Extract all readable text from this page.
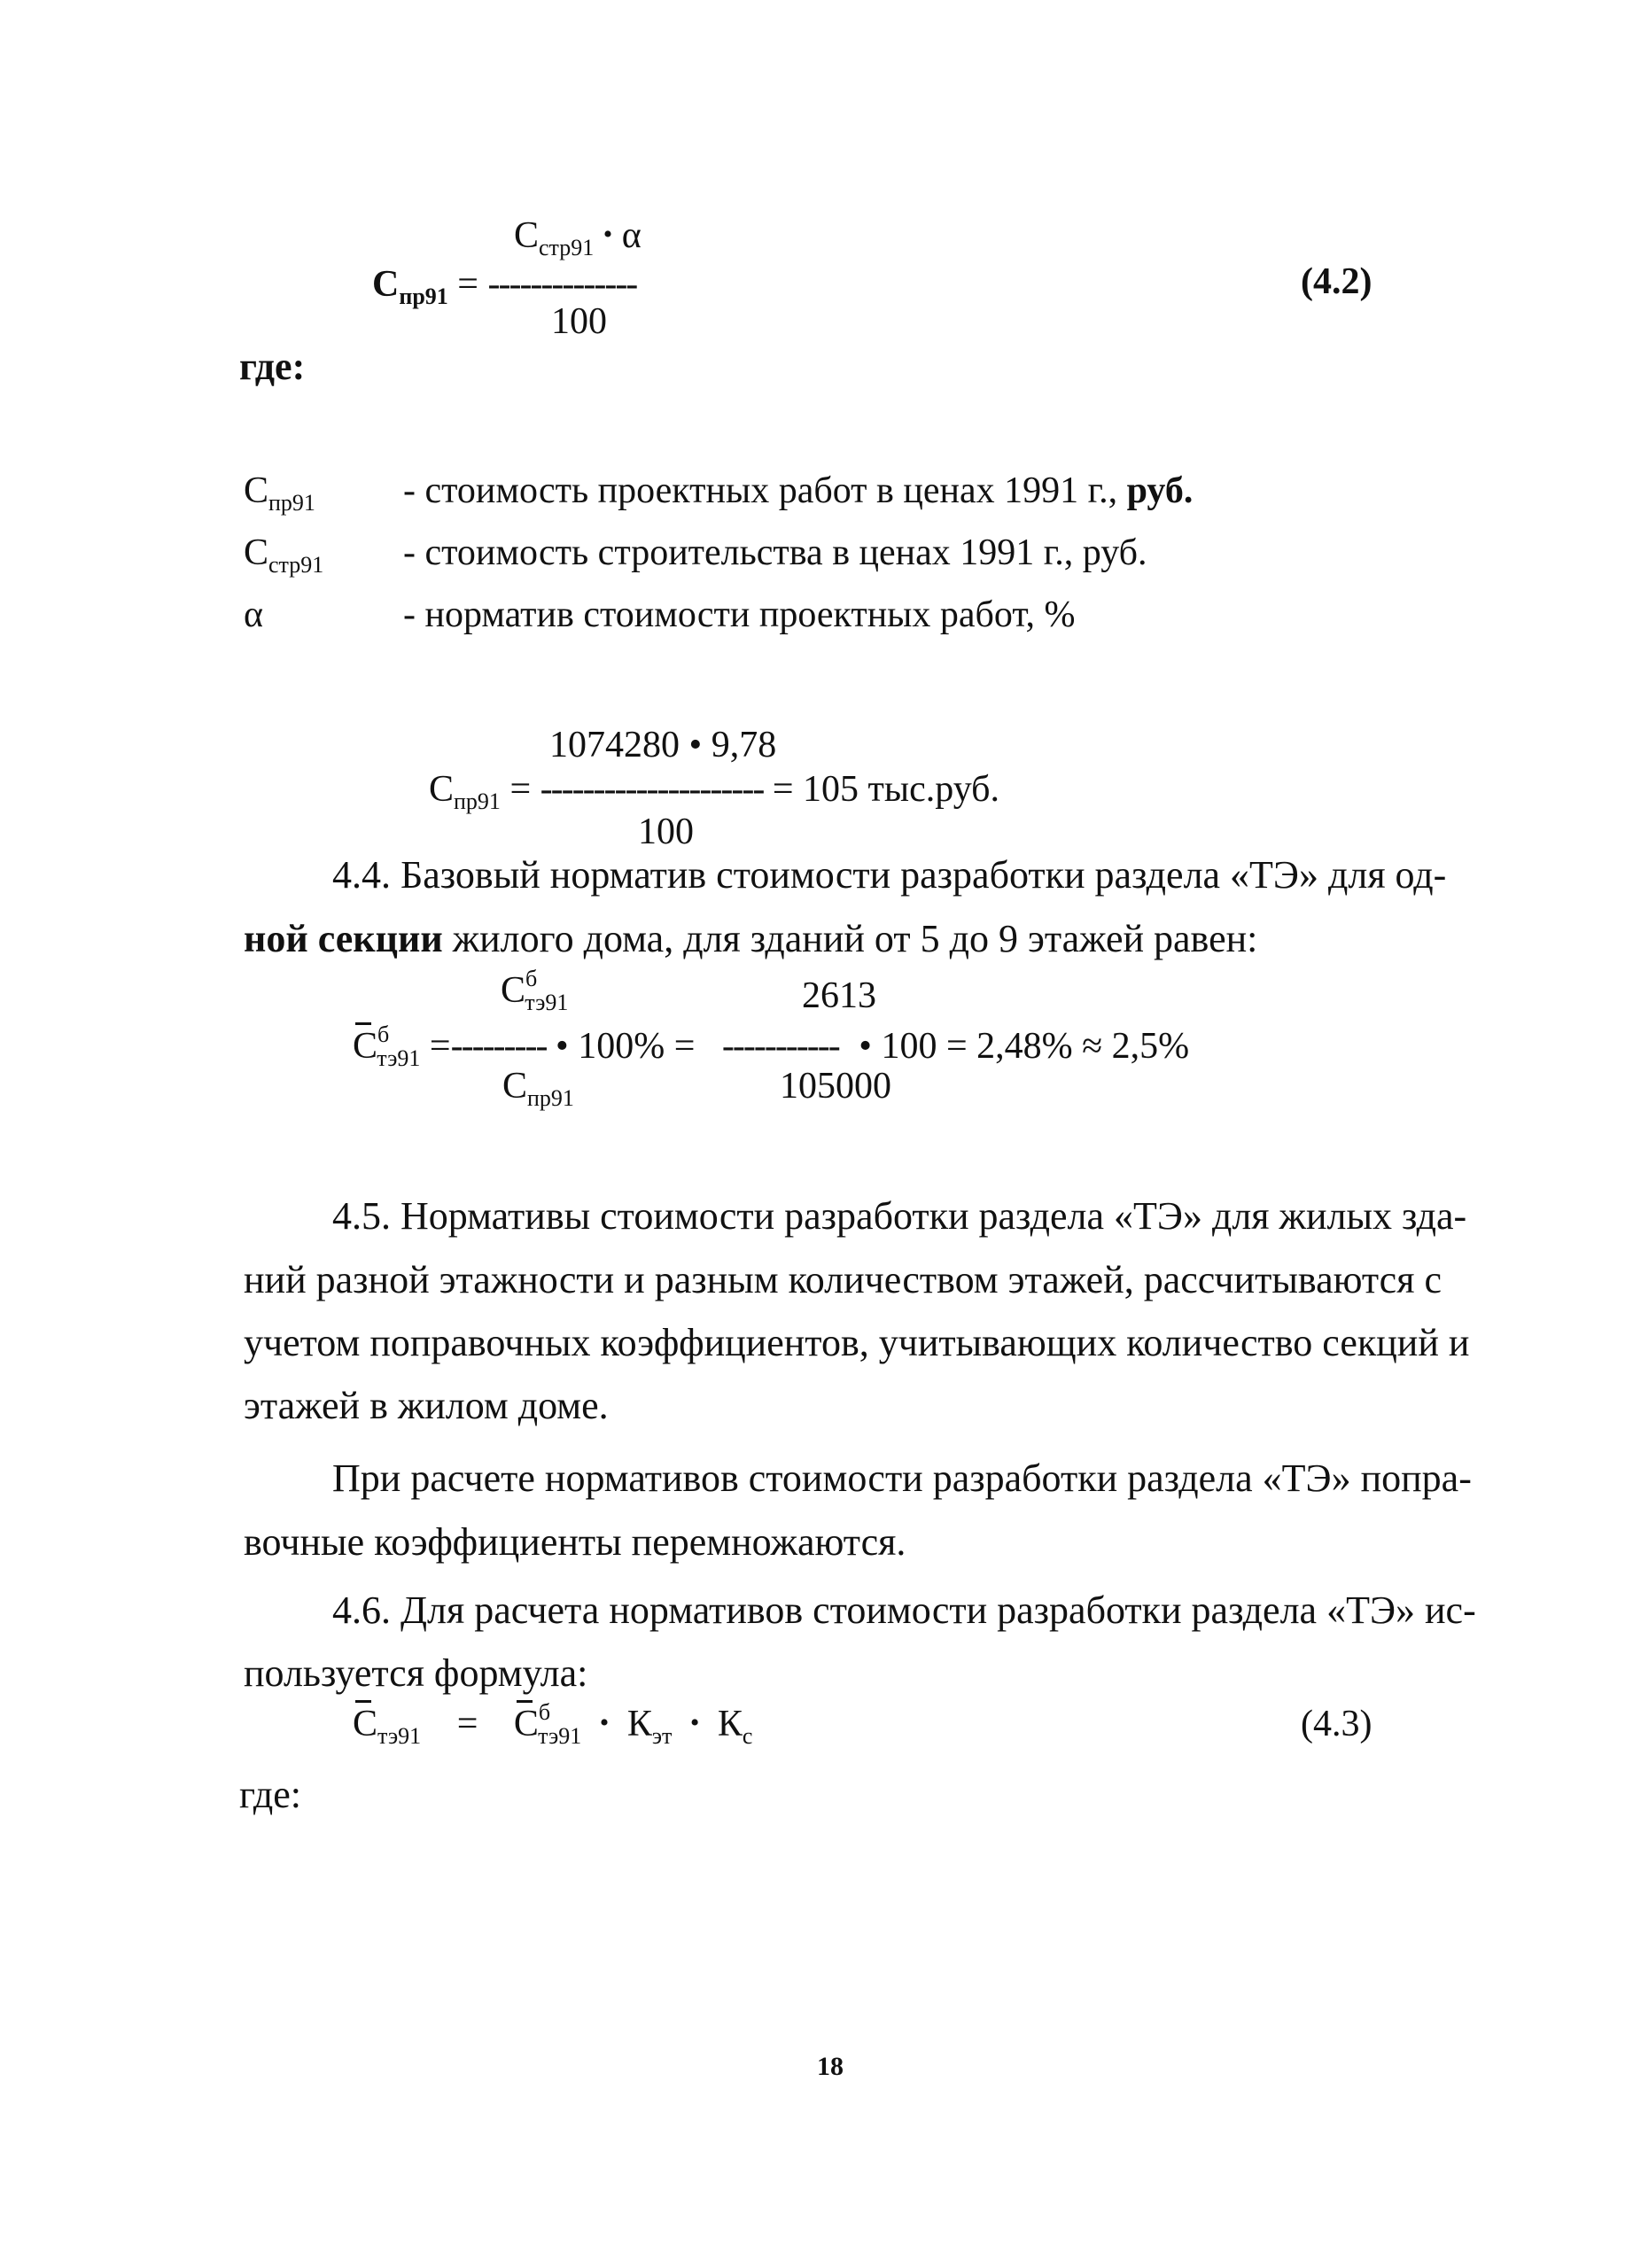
$С_{стр91}$ • α
$С_{пр91}$ = --------------
100
(4.2)
где:
$С_{пр91}$ - стоимость проектных работ в ценах 1991 г., руб.
$С_{стр91}$ - стоимость строительства в ценах 1991 г., руб.
α	- норматив стоимости проектных работ, %
1074280 • 9,78
$С_{пр91}$ = --------------------- = 105 тыс.руб.
100
4.4. Базовый норматив стоимости разработки раздела «ТЭ» для од-
ной секции жилого дома, для зданий от 5 до 9 этажей равен:
$С^б_{тэ91}$	2613
$С^б_{тэ91}$ =--------- • 100% = ----------- • 100 = 2,48% ≈ 2,5%
$С_{пр91}$	105000
4.5. Нормативы стоимости разработки раздела «ТЭ» для жилых зда-
ний разной этажности и разным количеством этажей, рассчитываются с
учетом поправочных коэффициентов, учитывающих количество секций и
этажей в жилом доме.
При расчете нормативов стоимости разработки раздела «ТЭ» попра-
вочные коэффициенты перемножаются.
4.6. Для расчета нормативов стоимости разработки раздела «ТЭ» ис-
пользуется формула:
$С_{тэ91} = С^б_{тэ91}$ • $К_{эт}$ • $К_с$	(4.3)
где:
18
